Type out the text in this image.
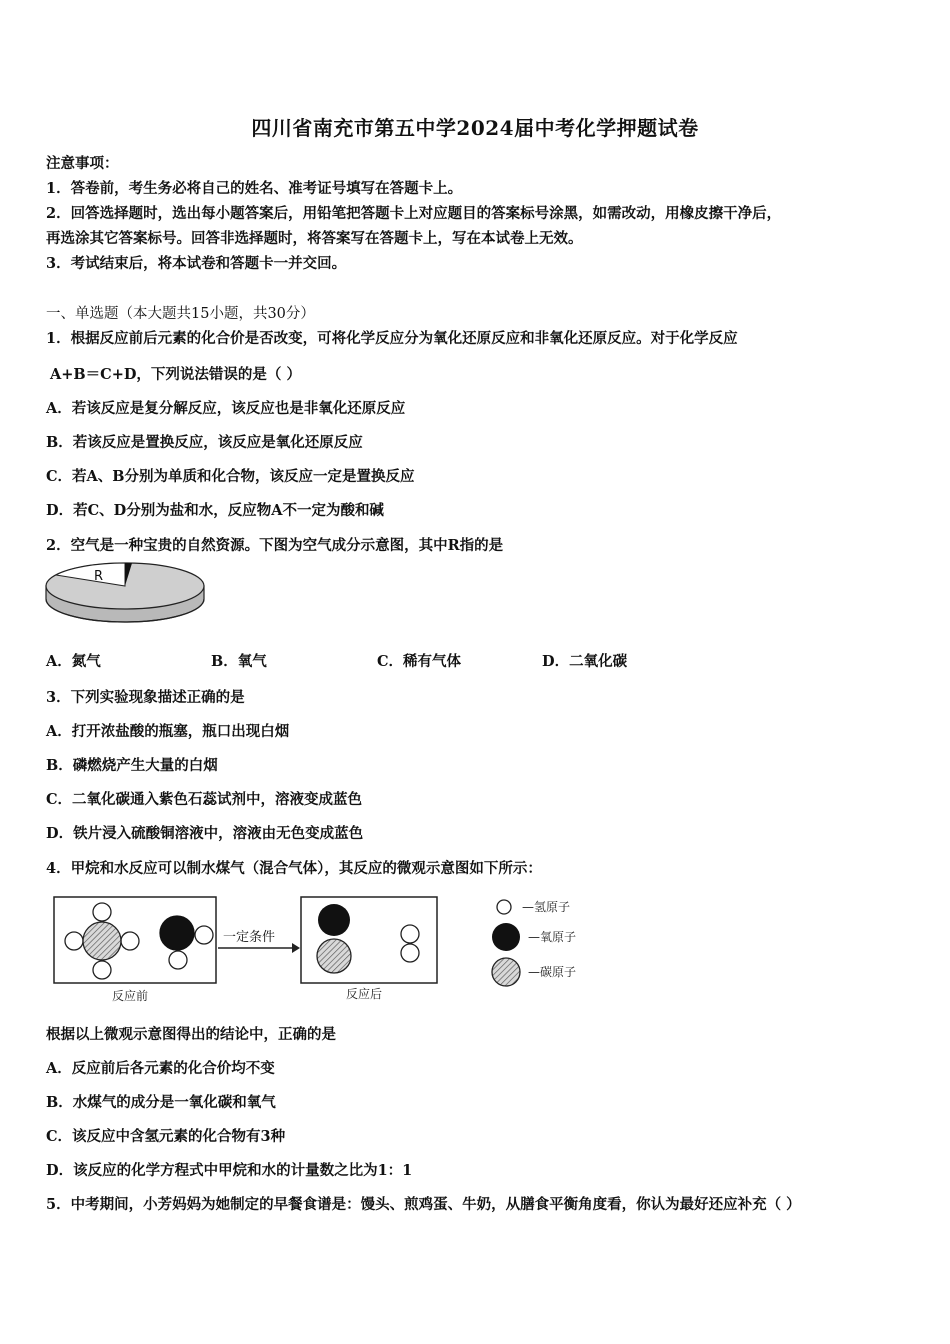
四川省南充市第五中学2024届中考化学押题试卷
注意事项：
1．答卷前，考生务必将自己的姓名、准考证号填写在答题卡上。
2．回答选择题时，选出每小题答案后，用铅笔把答题卡上对应题目的答案标号涂黑，如需改动，用橡皮擦干净后，
再选涂其它答案标号。回答非选择题时，将答案写在答题卡上，写在本试卷上无效。
3．考试结束后，将本试卷和答题卡一并交回。
一、单选题（本大题共15小题，共30分）
1．根据反应前后元素的化合价是否改变，可将化学反应分为氧化还原反应和非氧化还原反应。对于化学反应
A+B＝C+D，下列说法错误的是（ ）
A．若该反应是复分解反应，该反应也是非氧化还原反应
B．若该反应是置换反应，该反应是氧化还原反应
C．若A、B分别为单质和化合物，该反应一定是置换反应
D．若C、D分别为盐和水，反应物A不一定为酸和碱
2．空气是一种宝贵的自然资源。下图为空气成分示意图，其中R指的是
R
A．氮气	B．氧气	C．稀有气体	D．二氧化碳
3．下列实验现象描述正确的是
A．打开浓盐酸的瓶塞，瓶口出现白烟
B．磷燃烧产生大量的白烟
C．二氧化碳通入紫色石蕊试剂中，溶液变成蓝色
D．铁片浸入硫酸铜溶液中，溶液由无色变成蓝色
4．甲烷和水反应可以制水煤气（混合气体），其反应的微观示意图如下所示：
一定条件
反应前	反应后
—氢原子
—氧原子
—碳原子
根据以上微观示意图得出的结论中，正确的是
A．反应前后各元素的化合价均不变
B．水煤气的成分是一氧化碳和氧气
C．该反应中含氢元素的化合物有3种
D．该反应的化学方程式中甲烷和水的计量数之比为1：1
5．中考期间，小芳妈妈为她制定的早餐食谱是：馒头、煎鸡蛋、牛奶，从膳食平衡角度看，你认为最好还应补充（ ）
